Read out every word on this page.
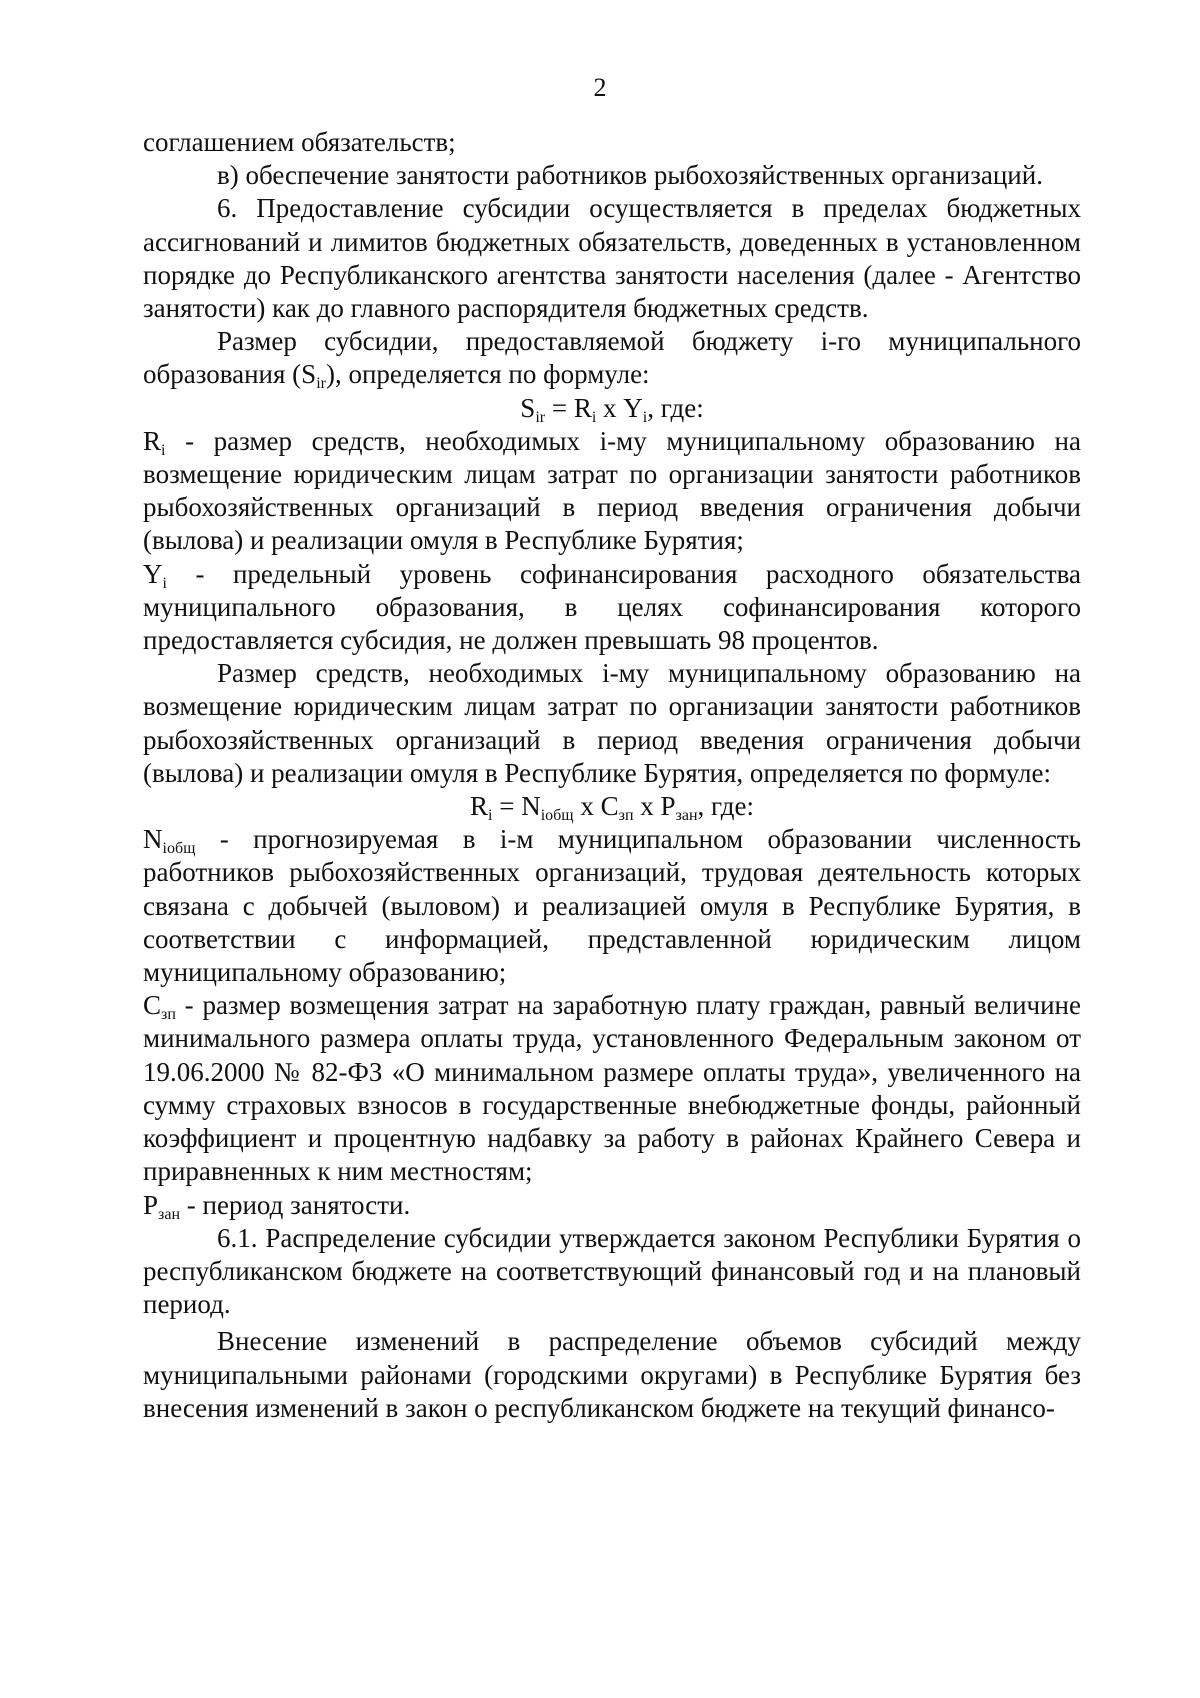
2

соглашением обязательств;

в) обеспечение занятости работников рыбохозяйственных организаций.

6. Предоставление субсидии осуществляется в пределах бюджетных ассигнований и лимитов бюджетных обязательств, доведенных в установленном порядке до Республиканского агентства занятости населения (далее - Агентство занятости) как до главного распорядителя бюджетных средств.

Размер субсидии, предоставляемой бюджету i-го муниципального образования $(S_{ir})$, определяется по формуле:

$S_{ir} = R_i$ х $Y_i$, где:

$R_i$ - размер средств, необходимых i-му муниципальному образованию на возмещение юридическим лицам затрат по организации занятости работников рыбохозяйственных организаций в период введения ограничения добычи (вылова) и реализации омуля в Республике Бурятия;

$Y_i$ - предельный уровень софинансирования расходного обязательства муниципального образования, в целях софинансирования которого предоставляется субсидия, не должен превышать 98 процентов.

Размер средств, необходимых i-му муниципальному образованию на возмещение юридическим лицам затрат по организации занятости работников рыбохозяйственных организаций в период введения ограничения добычи (вылова) и реализации омуля в Республике Бурятия, определяется по формуле:

$R_i = N_{iобщ}$ х $С_{зп}$ х $Р_{зан}$, где:

$N_{iобщ}$ - прогнозируемая в i-м муниципальном образовании численность работников рыбохозяйственных организаций, трудовая деятельность которых связана с добычей (выловом) и реализацией омуля в Республике Бурятия, в соответствии с информацией, представленной юридическим лицом муниципальному образованию;

$С_{зп}$ - размер возмещения затрат на заработную плату граждан, равный величине минимального размера оплаты труда, установленного Федеральным законом от 19.06.2000 № 82-ФЗ «О минимальном размере оплаты труда», увеличенного на сумму страховых взносов в государственные внебюджетные фонды, районный коэффициент и процентную надбавку за работу в районах Крайнего Севера и приравненных к ним местностям;

$Р_{зан}$ - период занятости.

6.1. Распределение субсидии утверждается законом Республики Бурятия о республиканском бюджете на соответствующий финансовый год и на плановый период.

Внесение изменений в распределение объемов субсидий между муниципальными районами (городскими округами) в Республике Бурятия без внесения изменений в закон о республиканском бюджете на текущий финансо-
